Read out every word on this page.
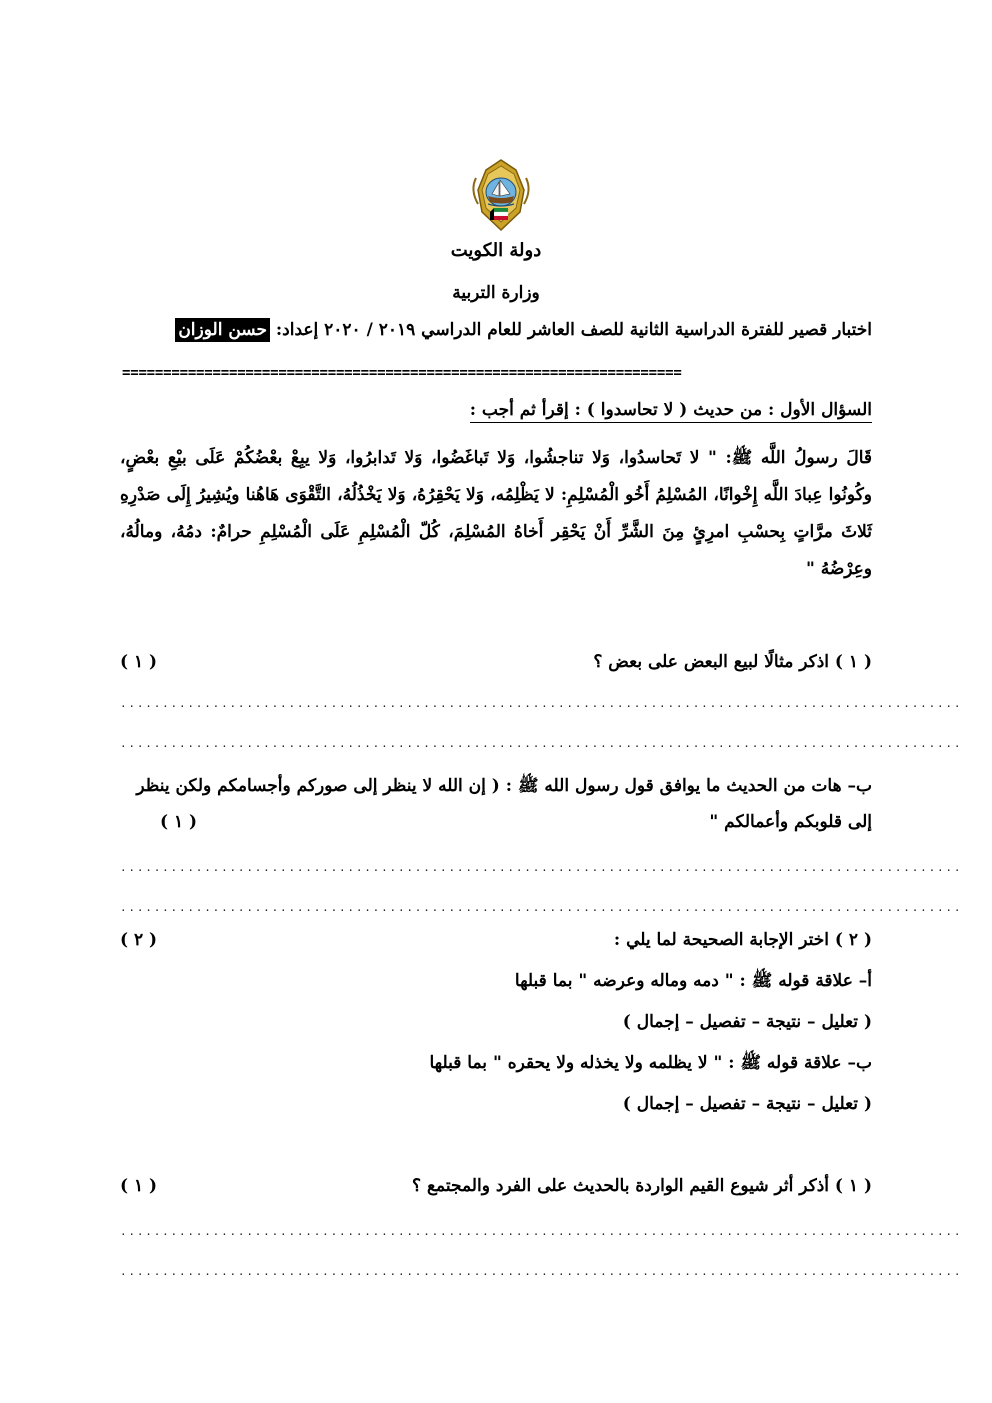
دولة الكويت
وزارة التربية
اختبار قصير للفترة الدراسية الثانية للصف العاشر للعام الدراسي ٢٠١٩ / ٢٠٢٠ إعداد: حسن الوزان
====================================================================
السؤال الأول : من حديث ( لا تحاسدوا ) : إقرأ ثم أجب :
قَالَ رسولُ اللَّه ﷺ: " لا تَحاسدُوا، وَلا تناجشُوا، وَلا تَباغَضُوا، وَلا تَدابرُوا، وَلا يبِعْ بعْضُكُمْ عَلَى بيْعِ بعْضٍ، وكُونُوا عِبادَ اللَّه إِخْوانًا، المُسْلِمُ أَخُو الْمُسْلِمِ: لا يَظْلِمُه، وَلا يَحْقِرُهُ، وَلا يَخْذُلُهُ، التَّقْوَى هَاهُنا ويُشِيرُ إِلَى صَدْرِهِ ثَلاثَ مرَّاتٍ بِحسْبِ امرِئٍ مِنَ الشَّرِّ أَنْ يَحْقِر أَخاهُ المُسْلِمَ، كُلّ الْمُسْلِمِ عَلَى الْمُسْلِمِ حرامٌ: دمُهُ، ومالُهُ، وعِرْضُهُ "
( ١ ) اذكر مثالًا لبيع البعض على بعض ؟
( ١ )
....................................................................................................
....................................................................................................
ب– هات من الحديث ما يوافق قول رسول الله ﷺ : ( إن الله لا ينظر إلى صوركم وأجسامكم ولكن ينظر إلى قلوبكم وأعمالكم "
( ١ )
....................................................................................................
....................................................................................................
( ٢ ) اختر الإجابة الصحيحة لما يلي :
( ٢ )
أ– علاقة قوله ﷺ : " دمه وماله وعرضه " بما قبلها
( تعليل – نتيجة – تفصيل – إجمال )
ب– علاقة قوله ﷺ : " لا يظلمه ولا يخذله ولا يحقره " بما قبلها
( تعليل – نتيجة – تفصيل – إجمال )
( ١ ) أذكر أثر شيوع القيم الواردة بالحديث على الفرد والمجتمع ؟
( ١ )
....................................................................................................
....................................................................................................
